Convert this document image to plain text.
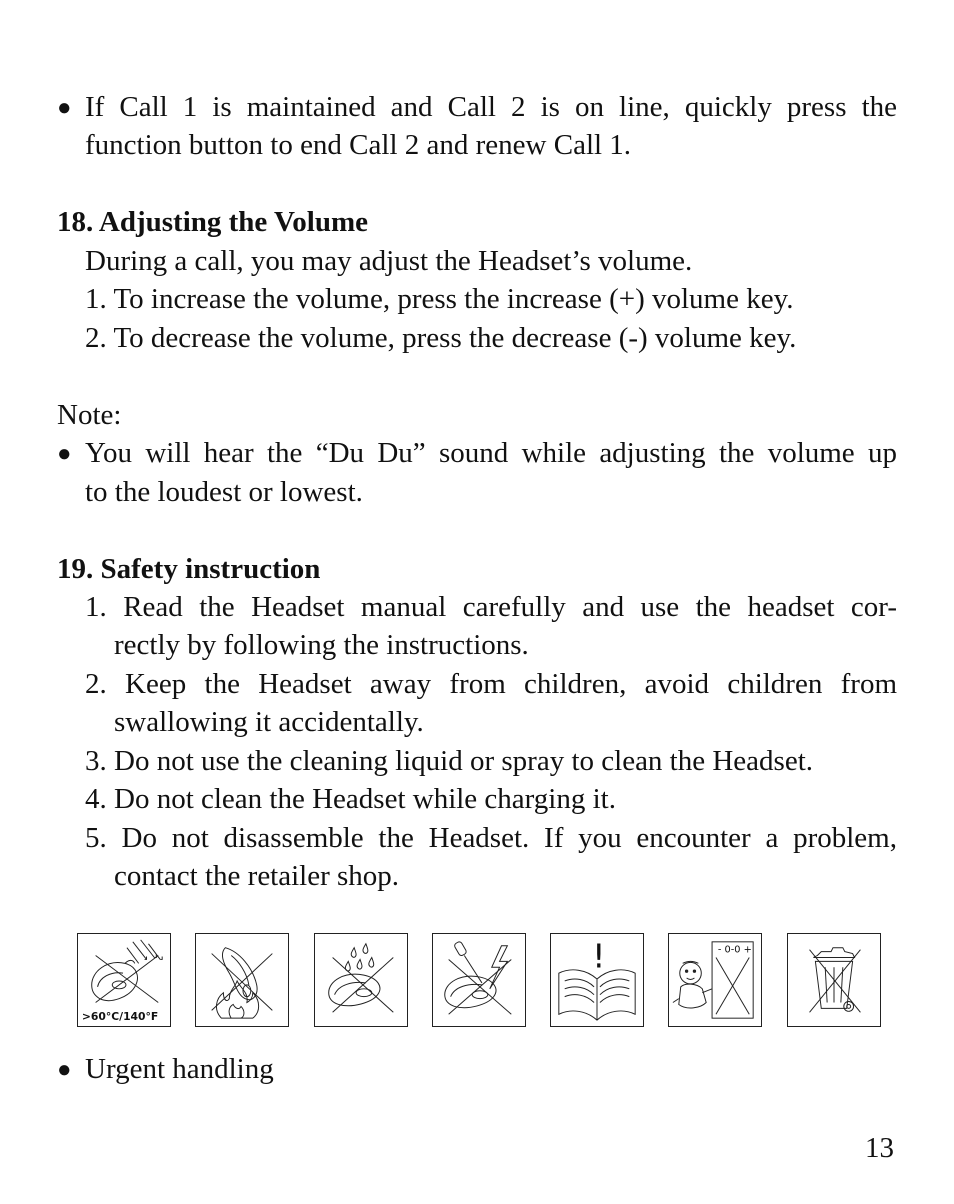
● If Call 1 is maintained and Call 2 is on line, quickly press the
function button to end Call 2 and renew Call 1.
18. Adjusting the Volume
During a call, you may adjust the Headset’s volume.
1. To increase the volume, press the increase (+) volume key.
2. To decrease the volume, press the decrease (-) volume key.
Note:
● You will hear the “Du Du” sound while adjusting the volume up
to the loudest or lowest.
19. Safety instruction
1. Read the Headset manual carefully and use the headset cor-
rectly by following the instructions.
2. Keep the Headset away from children, avoid children from
swallowing it accidentally.
3. Do not use the cleaning liquid or spray to clean the Headset.
4. Do not clean the Headset while charging it.
5. Do not disassemble the Headset. If you encounter a problem,
contact the retailer shop.
>60°C/140°F
!	- 0-0 +
● Urgent handling
13
